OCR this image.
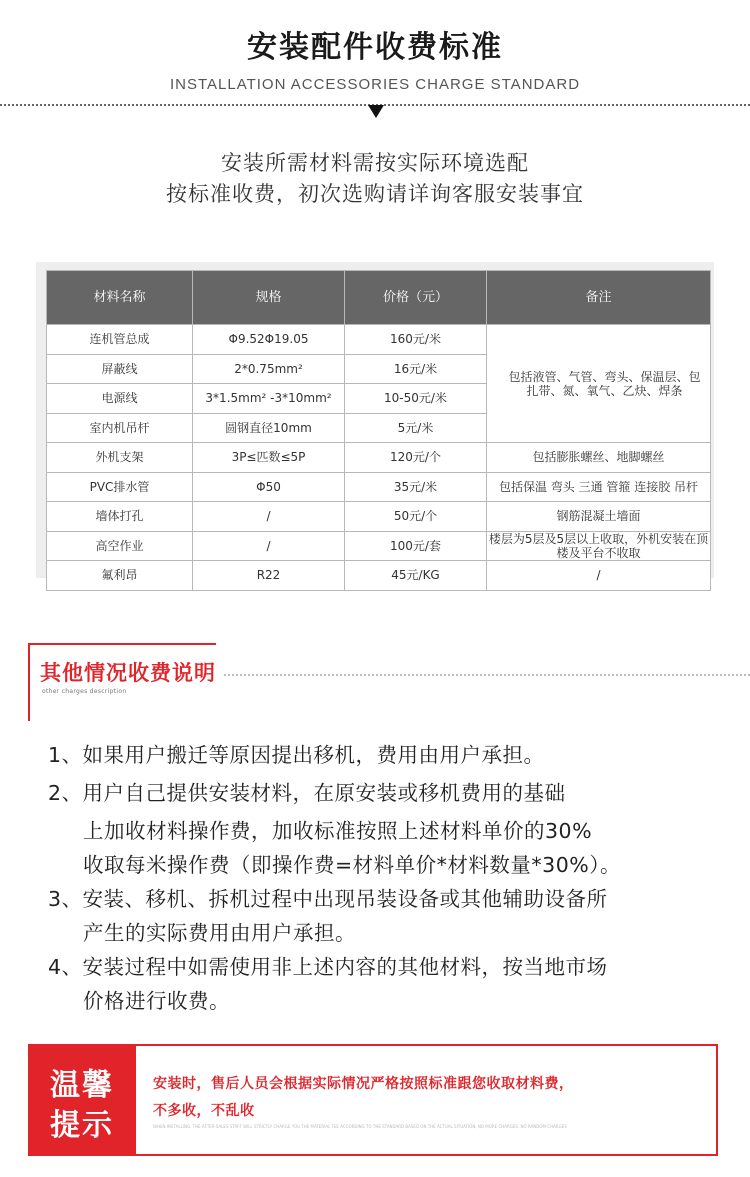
安装配件收费标准
INSTALLATION ACCESSORIES CHARGE STANDARD
安装所需材料需按实际环境选配
按标准收费，初次选购请详询客服安装事宜
材料名称	规格	价格（元）	备注
连机管总成	Φ9.52Φ19.05	160元/米	包括液管、气管、弯头、保温层、包扎带、氮、氧气、乙炔、焊条
屏蔽线	2*0.75mm²	16元/米	
电源线	3*1.5mm² -3*10mm²	10-50元/米	
室内机吊杆	圆钢直径10mm	5元/米	
外机支架	3P≤匹数≤5P	120元/个	包括膨胀螺丝、地脚螺丝
PVC排水管	Φ50	35元/米	包括保温 弯头 三通 管箍 连接胶 吊杆
墙体打孔	/	50元/个	钢筋混凝土墙面
高空作业	/	100元/套	楼层为5层及5层以上收取，外机安装在顶楼及平台不收取
氟利昂	R22	45元/KG	/
其他情况收费说明
other charges description
1、如果用户搬迁等原因提出移机，费用由用户承担。
2、用户自己提供安装材料，在原安装或移机费用的基础
上加收材料操作费，加收标准按照上述材料单价的30%
收取每米操作费（即操作费=材料单价*材料数量*30%）。
3、安装、移机、拆机过程中出现吊装设备或其他辅助设备所
产生的实际费用由用户承担。
4、安装过程中如需使用非上述内容的其他材料，按当地市场
价格进行收费。
温馨
提示
安装时，售后人员会根据实际情况严格按照标准跟您收取材料费，
不多收，不乱收
WHEN INSTALLING, THE AFTER-SALES STAFF WILL STRICTLY CHARGE YOU THE MATERIAL FEE ACCORDING TO THE STANDARD BASED ON THE ACTUAL SITUATION, NO MORE CHARGES, NO RANDOM CHARGES
